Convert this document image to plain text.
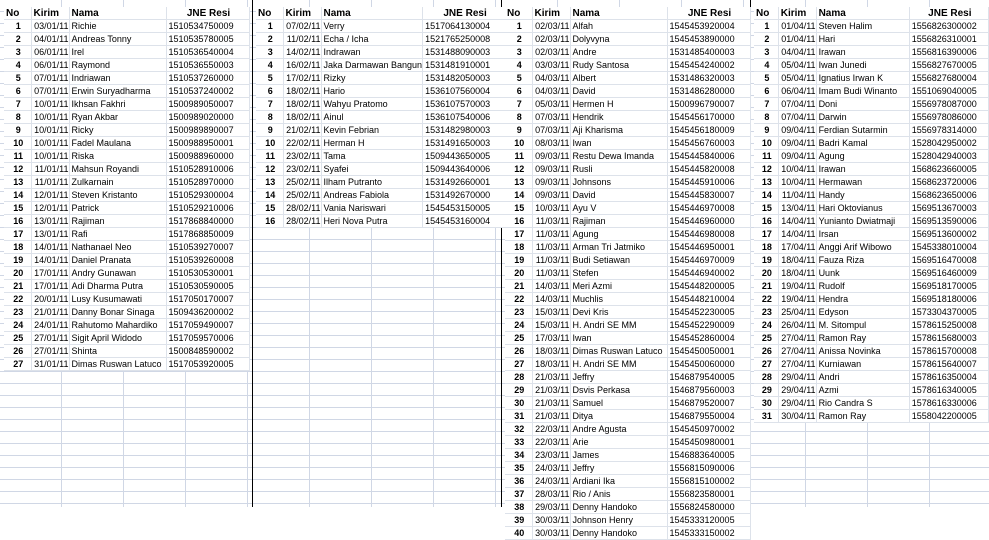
No	Kirim	Nama	JNE Resi
1	03/01/11	Richie	1510534750009
2	04/01/11	Andreas Tonny	1510535780005
3	06/01/11	Irel	1510536540004
4	06/01/11	Raymond	1510536550003
5	07/01/11	Indriawan	1510537260000
6	07/01/11	Erwin Suryadharma	1510537240002
7	10/01/11	Ikhsan Fakhri	1500989050007
8	10/01/11	Ryan Akbar	1500989020000
9	10/01/11	Ricky	1500989890007
10	10/01/11	Fadel Maulana	1500988950001
11	10/01/11	Riska	1500988960000
12	11/01/11	Mahsun Royandi	1510528910006
13	11/01/11	Zulkarnain	1510528970000
14	12/01/11	Steven Kristanto	1510529300004
15	12/01/11	Patrick	1510529210006
16	13/01/11	Rajiman	1517868840000
17	13/01/11	Rafi	1517868850009
18	14/01/11	Nathanael Neo	1510539270007
19	14/01/11	Daniel Pranata	1510539260008
20	17/01/11	Andry Gunawan	1510530530001
21	17/01/11	Adi Dharma Putra	1510530590005
22	20/01/11	Lusy Kusumawati	1517050170007
23	21/01/11	Danny Bonar Sinaga	1509436200002
24	24/01/11	Rahutomo Mahardiko	1517059490007
25	27/01/11	Sigit April Widodo	1517059570006
26	27/01/11	Shinta	1500848590002
27	31/01/11	Dimas Ruswan Latuco	1517053920005
No	Kirim	Nama	JNE Resi
1	07/02/11	Verry	1517064130004
2	11/02/11	Echa / Icha	1521765250008
3	14/02/11	Indrawan	1531488090003
4	16/02/11	Jaka Darmawan Bangun	1531481910001
5	17/02/11	Rizky	1531482050003
6	18/02/11	Hario	1536107560004
7	18/02/11	Wahyu Pratomo	1536107570003
8	18/02/11	Ainul	1536107540006
9	21/02/11	Kevin Febrian	1531482980003
10	22/02/11	Herman H	1531491650003
11	23/02/11	Tama	1509443650005
12	23/02/11	Syafei	1509443640006
13	25/02/11	Ilham Putranto	1531492660001
14	25/02/11	Andreas Fabiola	1531492670000
15	28/02/11	Vania Nariswari	1545453150005
16	28/02/11	Heri Nova Putra	1545453160004
No	Kirim	Nama	JNE Resi
1	02/03/11	Alfah	1545453920004
2	02/03/11	Dolyvyna	1545453890000
3	02/03/11	Andre	1531485400003
4	03/03/11	Rudy Santosa	1545454240002
5	04/03/11	Albert	1531486320003
6	04/03/11	David	1531486280000
7	05/03/11	Hermen H	1500996790007
8	07/03/11	Hendrik	1545456170000
9	07/03/11	Aji Kharisma	1545456180009
10	08/03/11	Iwan	1545456760003
11	09/03/11	Restu Dewa Imanda	1545445840006
12	09/03/11	Rusli	1545445820008
13	09/03/11	Johnsons	1545445910006
14	09/03/11	David	1545445830007
15	10/03/11	Ayu V	1545446970008
16	11/03/11	Rajiman	1545446960000
17	11/03/11	Agung	1545446980008
18	11/03/11	Arman Tri Jatmiko	1545446950001
19	11/03/11	Budi Setiawan	1545446970009
20	11/03/11	Stefen	1545446940002
21	14/03/11	Meri Azmi	1545448200005
22	14/03/11	Muchlis	1545448210004
23	15/03/11	Devi Kris	1545452230005
24	15/03/11	H. Andri SE MM	1545452290009
25	17/03/11	Iwan	1545452860004
26	18/03/11	Dimas Ruswan Latuco	1545450050001
27	18/03/11	H. Andri SE MM	1545450060000
28	21/03/11	Jeffry	1546879540005
29	21/03/11	Dsvis Perkasa	1546879560003
30	21/03/11	Samuel	1546879520007
31	21/03/11	Ditya	1546879550004
32	22/03/11	Andre Agusta	1545450970002
33	22/03/11	Arie	1545450980001
34	23/03/11	James	1546883640005
35	24/03/11	Jeffry	1556815090006
36	24/03/11	Ardiani Ika	1556815100002
37	28/03/11	Rio / Anis	1556823580001
38	29/03/11	Denny Handoko	1556824580000
39	30/03/11	Johnson Henry	1545333120005
40	30/03/11	Denny Handoko	1545333150002
No	Kirim	Nama	JNE Resi
1	01/04/11	Steven Halim	1556826300002
2	01/04/11	Hari	1556826310001
3	04/04/11	Irawan	1556816390006
4	05/04/11	Iwan Junedi	1556827670005
5	05/04/11	Ignatius Irwan K	1556827680004
6	06/04/11	Imam Budi Winanto	1551069040005
7	07/04/11	Doni	1556978087000
8	07/04/11	Darwin	1556978086000
9	09/04/11	Ferdian Sutarmin	1556978314000
10	09/04/11	Badri Kamal	1528042950002
11	09/04/11	Agung	1528042940003
12	10/04/11	Irawan	1568623660005
13	10/04/11	Hermawan	1568623720006
14	11/04/11	Handy	1568623650006
15	13/04/11	Hari Oktovianus	1569513670003
16	14/04/11	Yunianto Dwiatmaji	1569513590006
17	14/04/11	Irsan	1569513600002
18	17/04/11	Anggi Arif Wibowo	1545338010004
19	18/04/11	Fauza Riza	1569516470008
20	18/04/11	Uunk	1569516460009
21	19/04/11	Rudolf	1569518170005
22	19/04/11	Hendra	1569518180006
23	25/04/11	Edyson	1573304370005
24	26/04/11	M. Sitompul	1578615250008
25	27/04/11	Ramon Ray	1578615680003
26	27/04/11	Anissa Novinka	1578615700008
27	27/04/11	Kurniawan	1578615640007
28	29/04/11	Andri	1578616350004
29	29/04/11	Azmi	1578616340005
30	29/04/11	Rio Candra S	1578616330006
31	30/04/11	Ramon Ray	1558042200005
